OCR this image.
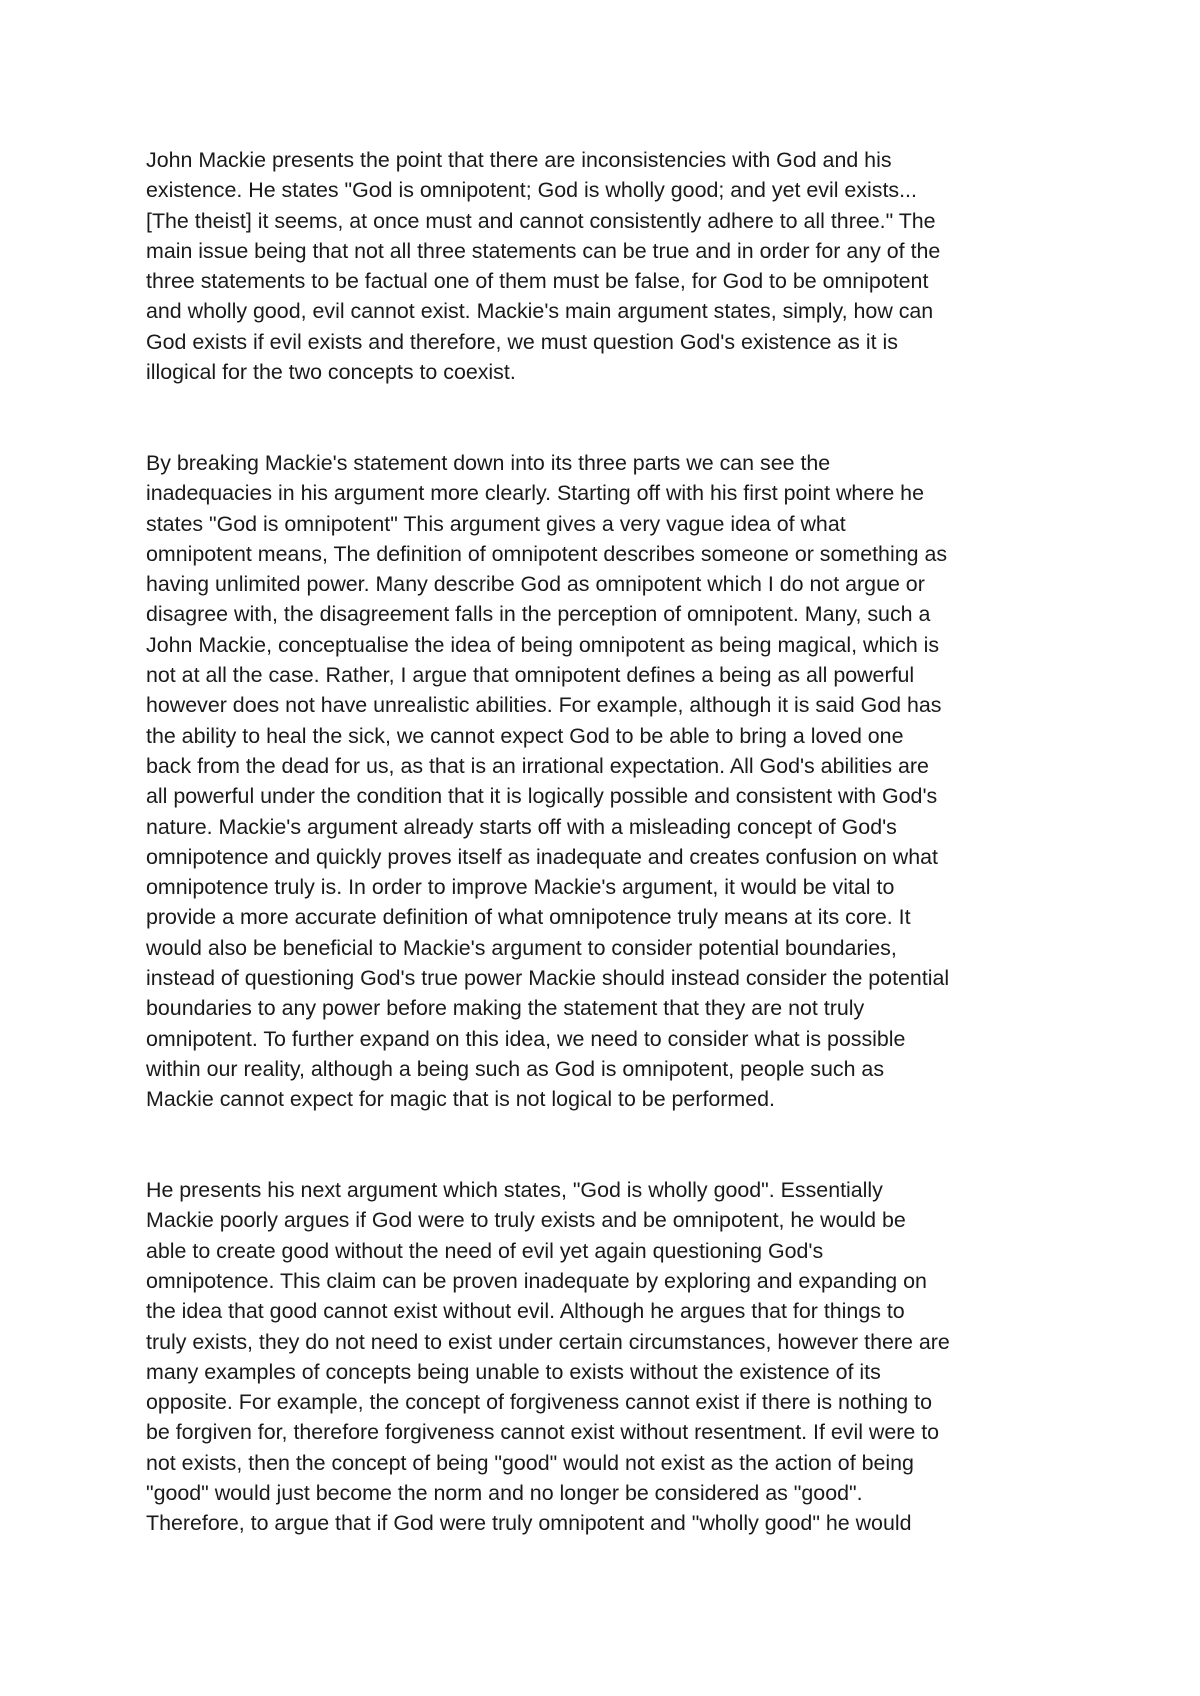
John Mackie presents the point that there are inconsistencies with God and his
existence. He states "God is omnipotent; God is wholly good; and yet evil exists...
[The theist] it seems, at once must and cannot consistently adhere to all three." The
main issue being that not all three statements can be true and in order for any of the
three statements to be factual one of them must be false, for God to be omnipotent
and wholly good, evil cannot exist. Mackie's main argument states, simply, how can
God exists if evil exists and therefore, we must question God's existence as it is
illogical for the two concepts to coexist.

By breaking Mackie's statement down into its three parts we can see the
inadequacies in his argument more clearly. Starting off with his first point where he
states "God is omnipotent" This argument gives a very vague idea of what
omnipotent means, The definition of omnipotent describes someone or something as
having unlimited power. Many describe God as omnipotent which I do not argue or
disagree with, the disagreement falls in the perception of omnipotent. Many, such a
John Mackie, conceptualise the idea of being omnipotent as being magical, which is
not at all the case. Rather, I argue that omnipotent defines a being as all powerful
however does not have unrealistic abilities. For example, although it is said God has
the ability to heal the sick, we cannot expect God to be able to bring a loved one
back from the dead for us, as that is an irrational expectation. All God's abilities are
all powerful under the condition that it is logically possible and consistent with God's
nature. Mackie's argument already starts off with a misleading concept of God's
omnipotence and quickly proves itself as inadequate and creates confusion on what
omnipotence truly is. In order to improve Mackie's argument, it would be vital to
provide a more accurate definition of what omnipotence truly means at its core. It
would also be beneficial to Mackie's argument to consider potential boundaries,
instead of questioning God's true power Mackie should instead consider the potential
boundaries to any power before making the statement that they are not truly
omnipotent. To further expand on this idea, we need to consider what is possible
within our reality, although a being such as God is omnipotent, people such as
Mackie cannot expect for magic that is not logical to be performed.

He presents his next argument which states, "God is wholly good". Essentially
Mackie poorly argues if God were to truly exists and be omnipotent, he would be
able to create good without the need of evil yet again questioning God's
omnipotence. This claim can be proven inadequate by exploring and expanding on
the idea that good cannot exist without evil. Although he argues that for things to
truly exists, they do not need to exist under certain circumstances, however there are
many examples of concepts being unable to exists without the existence of its
opposite. For example, the concept of forgiveness cannot exist if there is nothing to
be forgiven for, therefore forgiveness cannot exist without resentment. If evil were to
not exists, then the concept of being "good" would not exist as the action of being
"good" would just become the norm and no longer be considered as "good".
Therefore, to argue that if God were truly omnipotent and "wholly good" he would
